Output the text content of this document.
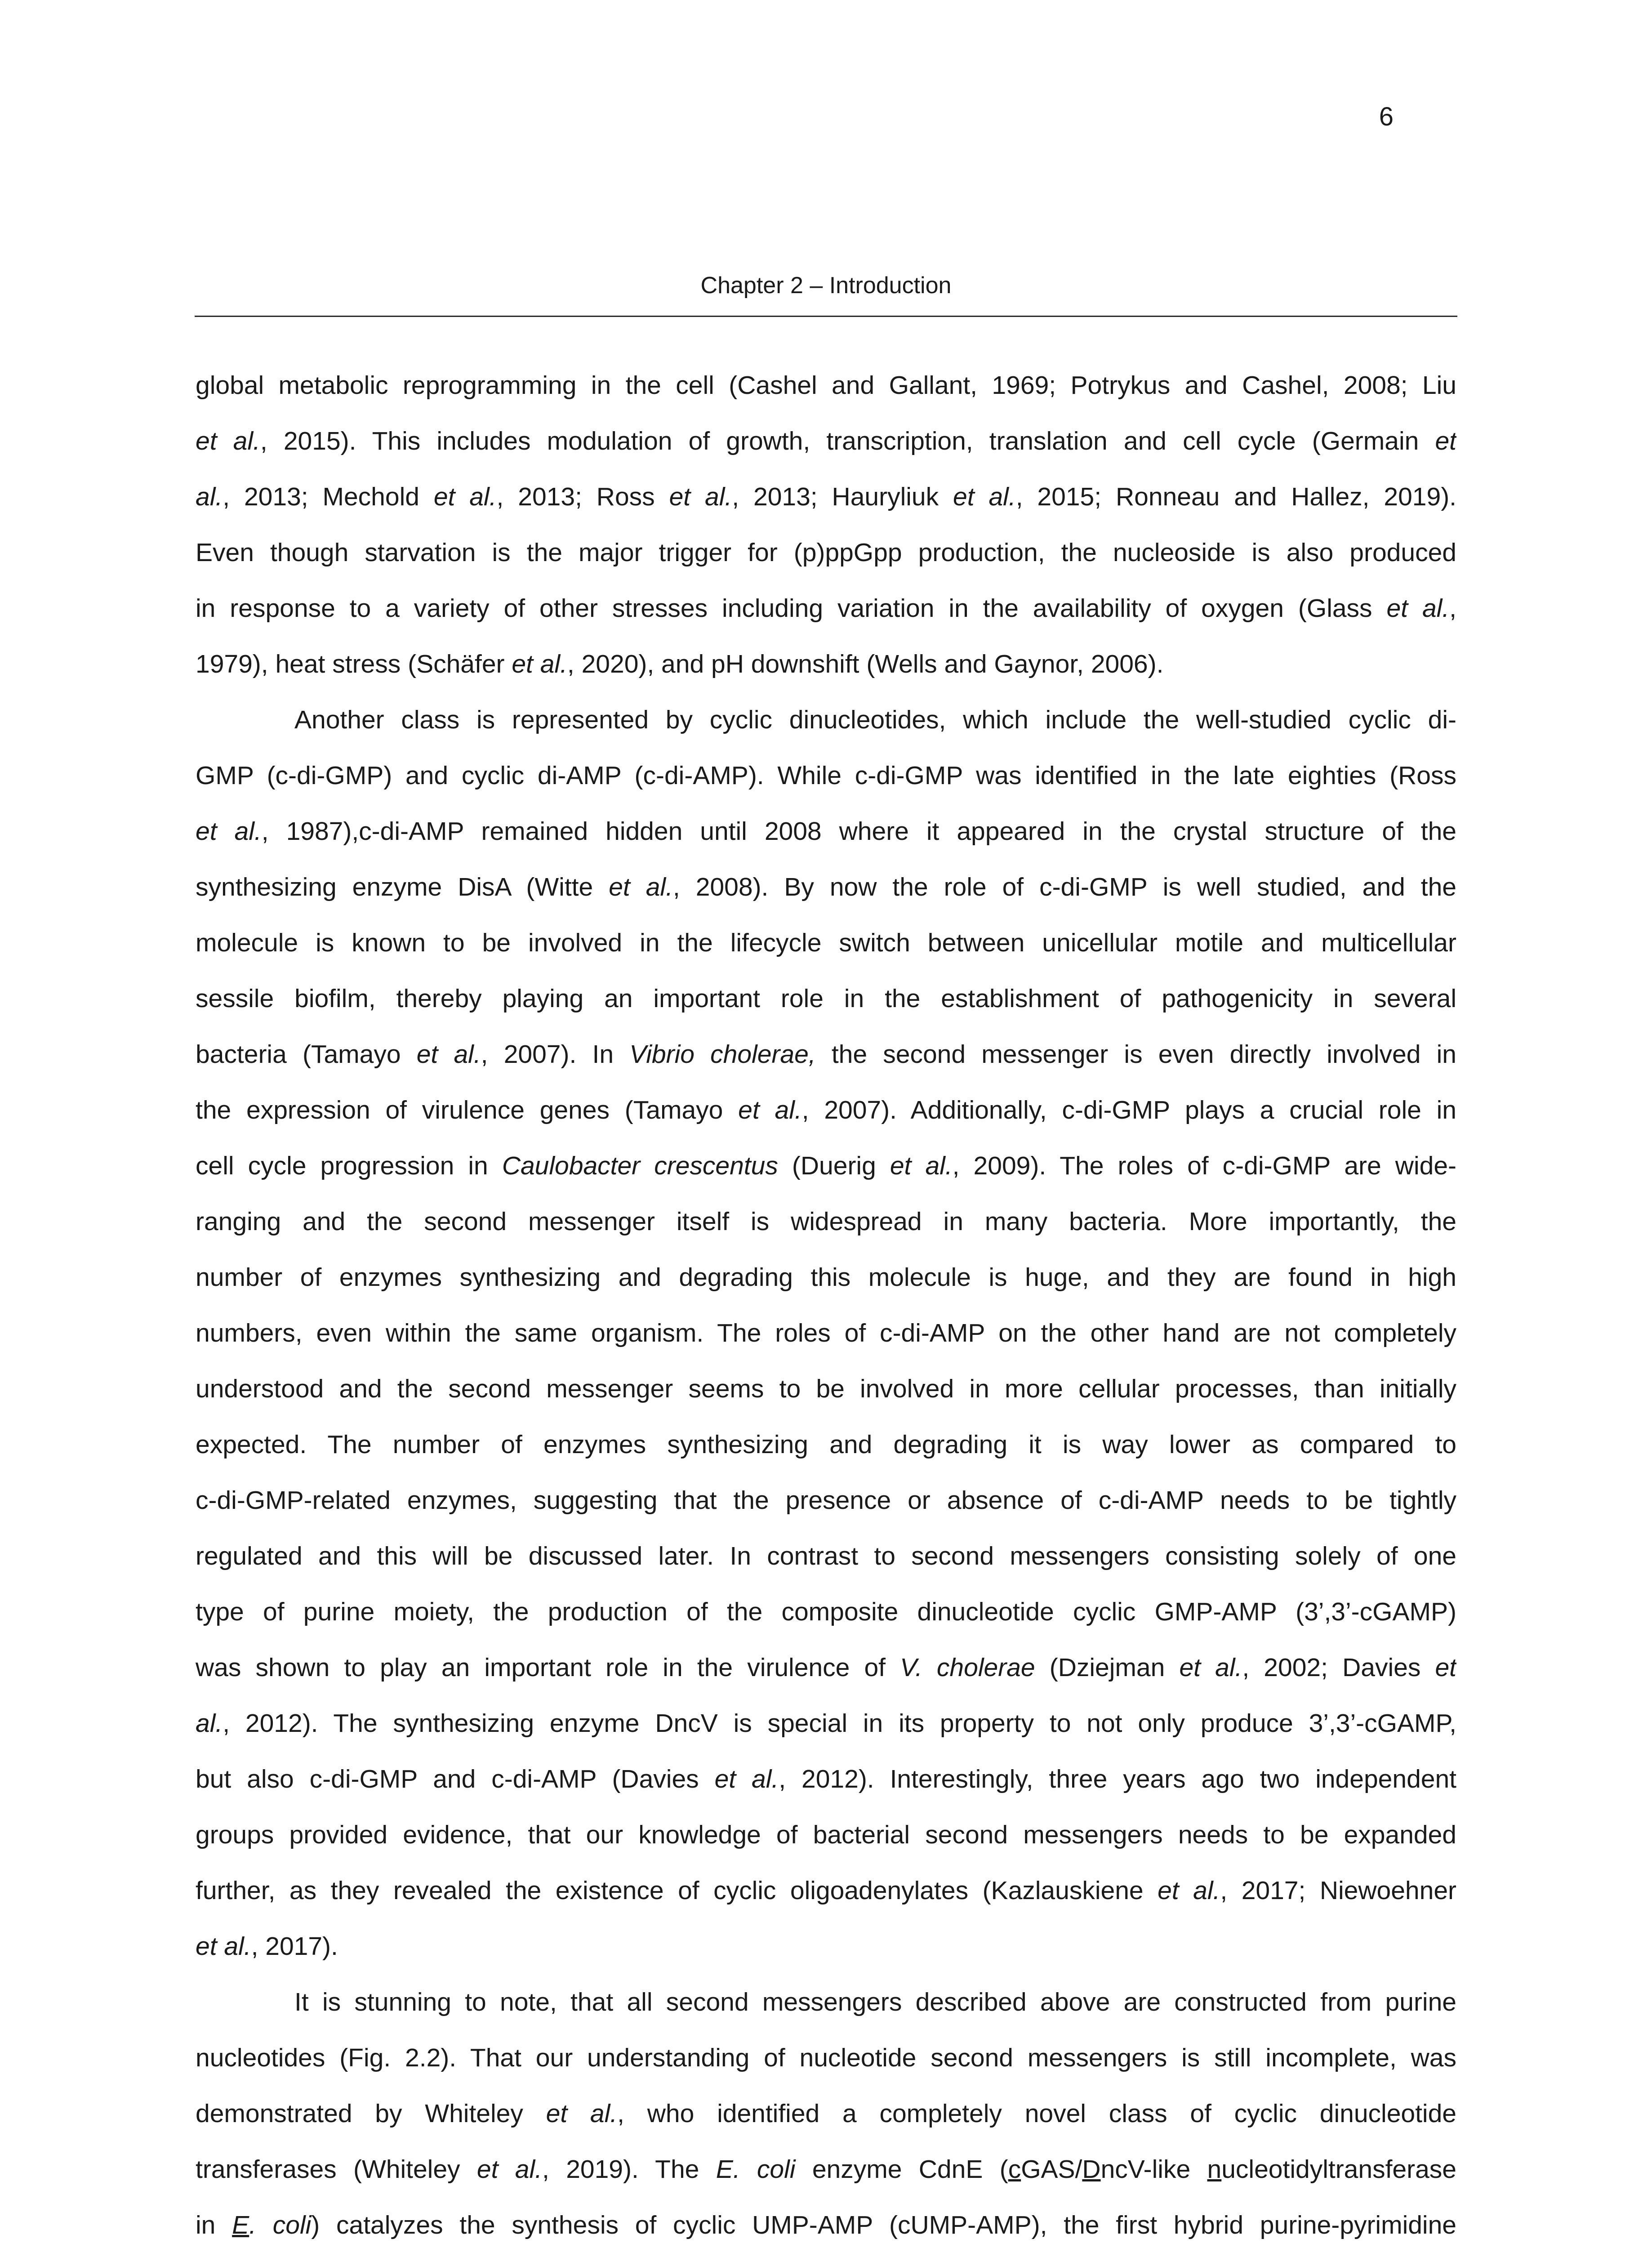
6
Chapter 2 – Introduction
global metabolic reprogramming in the cell (Cashel and Gallant, 1969; Potrykus and Cashel, 2008; Liu
et al., 2015). This includes modulation of growth, transcription, translation and cell cycle (Germain et
al., 2013; Mechold et al., 2013; Ross et al., 2013; Hauryliuk et al., 2015; Ronneau and Hallez, 2019).
Even though starvation is the major trigger for (p)ppGpp production, the nucleoside is also produced
in response to a variety of other stresses including variation in the availability of oxygen (Glass et al.,
1979), heat stress (Schäfer et al., 2020), and pH downshift (Wells and Gaynor, 2006).
Another class is represented by cyclic dinucleotides, which include the well-studied cyclic di-
GMP (c-di-GMP) and cyclic di-AMP (c-di-AMP). While c-di-GMP was identified in the late eighties (Ross
et al., 1987),c-di-AMP remained hidden until 2008 where it appeared in the crystal structure of the
synthesizing enzyme DisA (Witte et al., 2008). By now the role of c-di-GMP is well studied, and the
molecule is known to be involved in the lifecycle switch between unicellular motile and multicellular
sessile biofilm, thereby playing an important role in the establishment of pathogenicity in several
bacteria (Tamayo et al., 2007). In Vibrio cholerae, the second messenger is even directly involved in
the expression of virulence genes (Tamayo et al., 2007). Additionally, c-di-GMP plays a crucial role in
cell cycle progression in Caulobacter crescentus (Duerig et al., 2009). The roles of c-di-GMP are wide-
ranging and the second messenger itself is widespread in many bacteria. More importantly, the
number of enzymes synthesizing and degrading this molecule is huge, and they are found in high
numbers, even within the same organism. The roles of c-di-AMP on the other hand are not completely
understood and the second messenger seems to be involved in more cellular processes, than initially
expected. The number of enzymes synthesizing and degrading it is way lower as compared to
c-di-GMP-related enzymes, suggesting that the presence or absence of c-di-AMP needs to be tightly
regulated and this will be discussed later. In contrast to second messengers consisting solely of one
type of purine moiety, the production of the composite dinucleotide cyclic GMP-AMP (3’,3’-cGAMP)
was shown to play an important role in the virulence of V. cholerae (Dziejman et al., 2002; Davies et
al., 2012). The synthesizing enzyme DncV is special in its property to not only produce 3’,3’-cGAMP,
but also c-di-GMP and c-di-AMP (Davies et al., 2012). Interestingly, three years ago two independent
groups provided evidence, that our knowledge of bacterial second messengers needs to be expanded
further, as they revealed the existence of cyclic oligoadenylates (Kazlauskiene et al., 2017; Niewoehner
et al., 2017).
It is stunning to note, that all second messengers described above are constructed from purine
nucleotides (Fig. 2.2). That our understanding of nucleotide second messengers is still incomplete, was
demonstrated by Whiteley et al., who identified a completely novel class of cyclic dinucleotide
transferases (Whiteley et al., 2019). The E. coli enzyme CdnE (cGAS/DncV-like nucleotidyltransferase
in E. coli) catalyzes the synthesis of cyclic UMP-AMP (cUMP-AMP), the first hybrid purine-pyrimidine
